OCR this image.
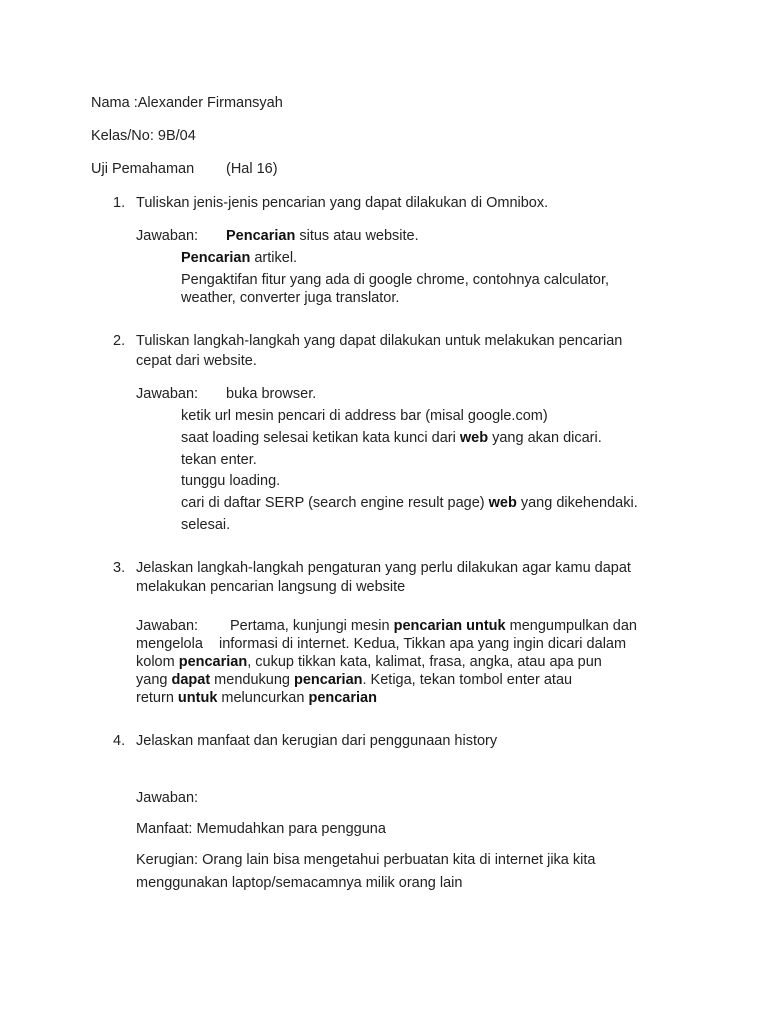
Nama :Alexander Firmansyah
Kelas/No: 9B/04
Uji Pemahaman (Hal 16)
1. Tuliskan jenis-jenis pencarian yang dapat dilakukan di Omnibox.
Jawaban: Pencarian situs atau website.
Pencarian artikel.
Pengaktifan fitur yang ada di google chrome, contohnya calculator,
weather, converter juga translator.
2. Tuliskan langkah-langkah yang dapat dilakukan untuk melakukan pencarian
cepat dari website.
Jawaban: buka browser.
ketik url mesin pencari di address bar (misal google.com)
saat loading selesai ketikan kata kunci dari web yang akan dicari.
tekan enter.
tunggu loading.
cari di daftar SERP (search engine result page) web yang dikehendaki.
selesai.
3. Jelaskan langkah-langkah pengaturan yang perlu dilakukan agar kamu dapat
melakukan pencarian langsung di website
Jawaban: Pertama, kunjungi mesin pencarian untuk mengumpulkan dan
mengelola    informasi di internet. Kedua, Tikkan apa yang ingin dicari dalam
kolom pencarian, cukup tikkan kata, kalimat, frasa, angka, atau apa pun
yang dapat mendukung pencarian. Ketiga, tekan tombol enter atau
return untuk meluncurkan pencarian
4. Jelaskan manfaat dan kerugian dari penggunaan history
Jawaban:
Manfaat: Memudahkan para pengguna
Kerugian: Orang lain bisa mengetahui perbuatan kita di internet jika kita
menggunakan laptop/semacamnya milik orang lain
